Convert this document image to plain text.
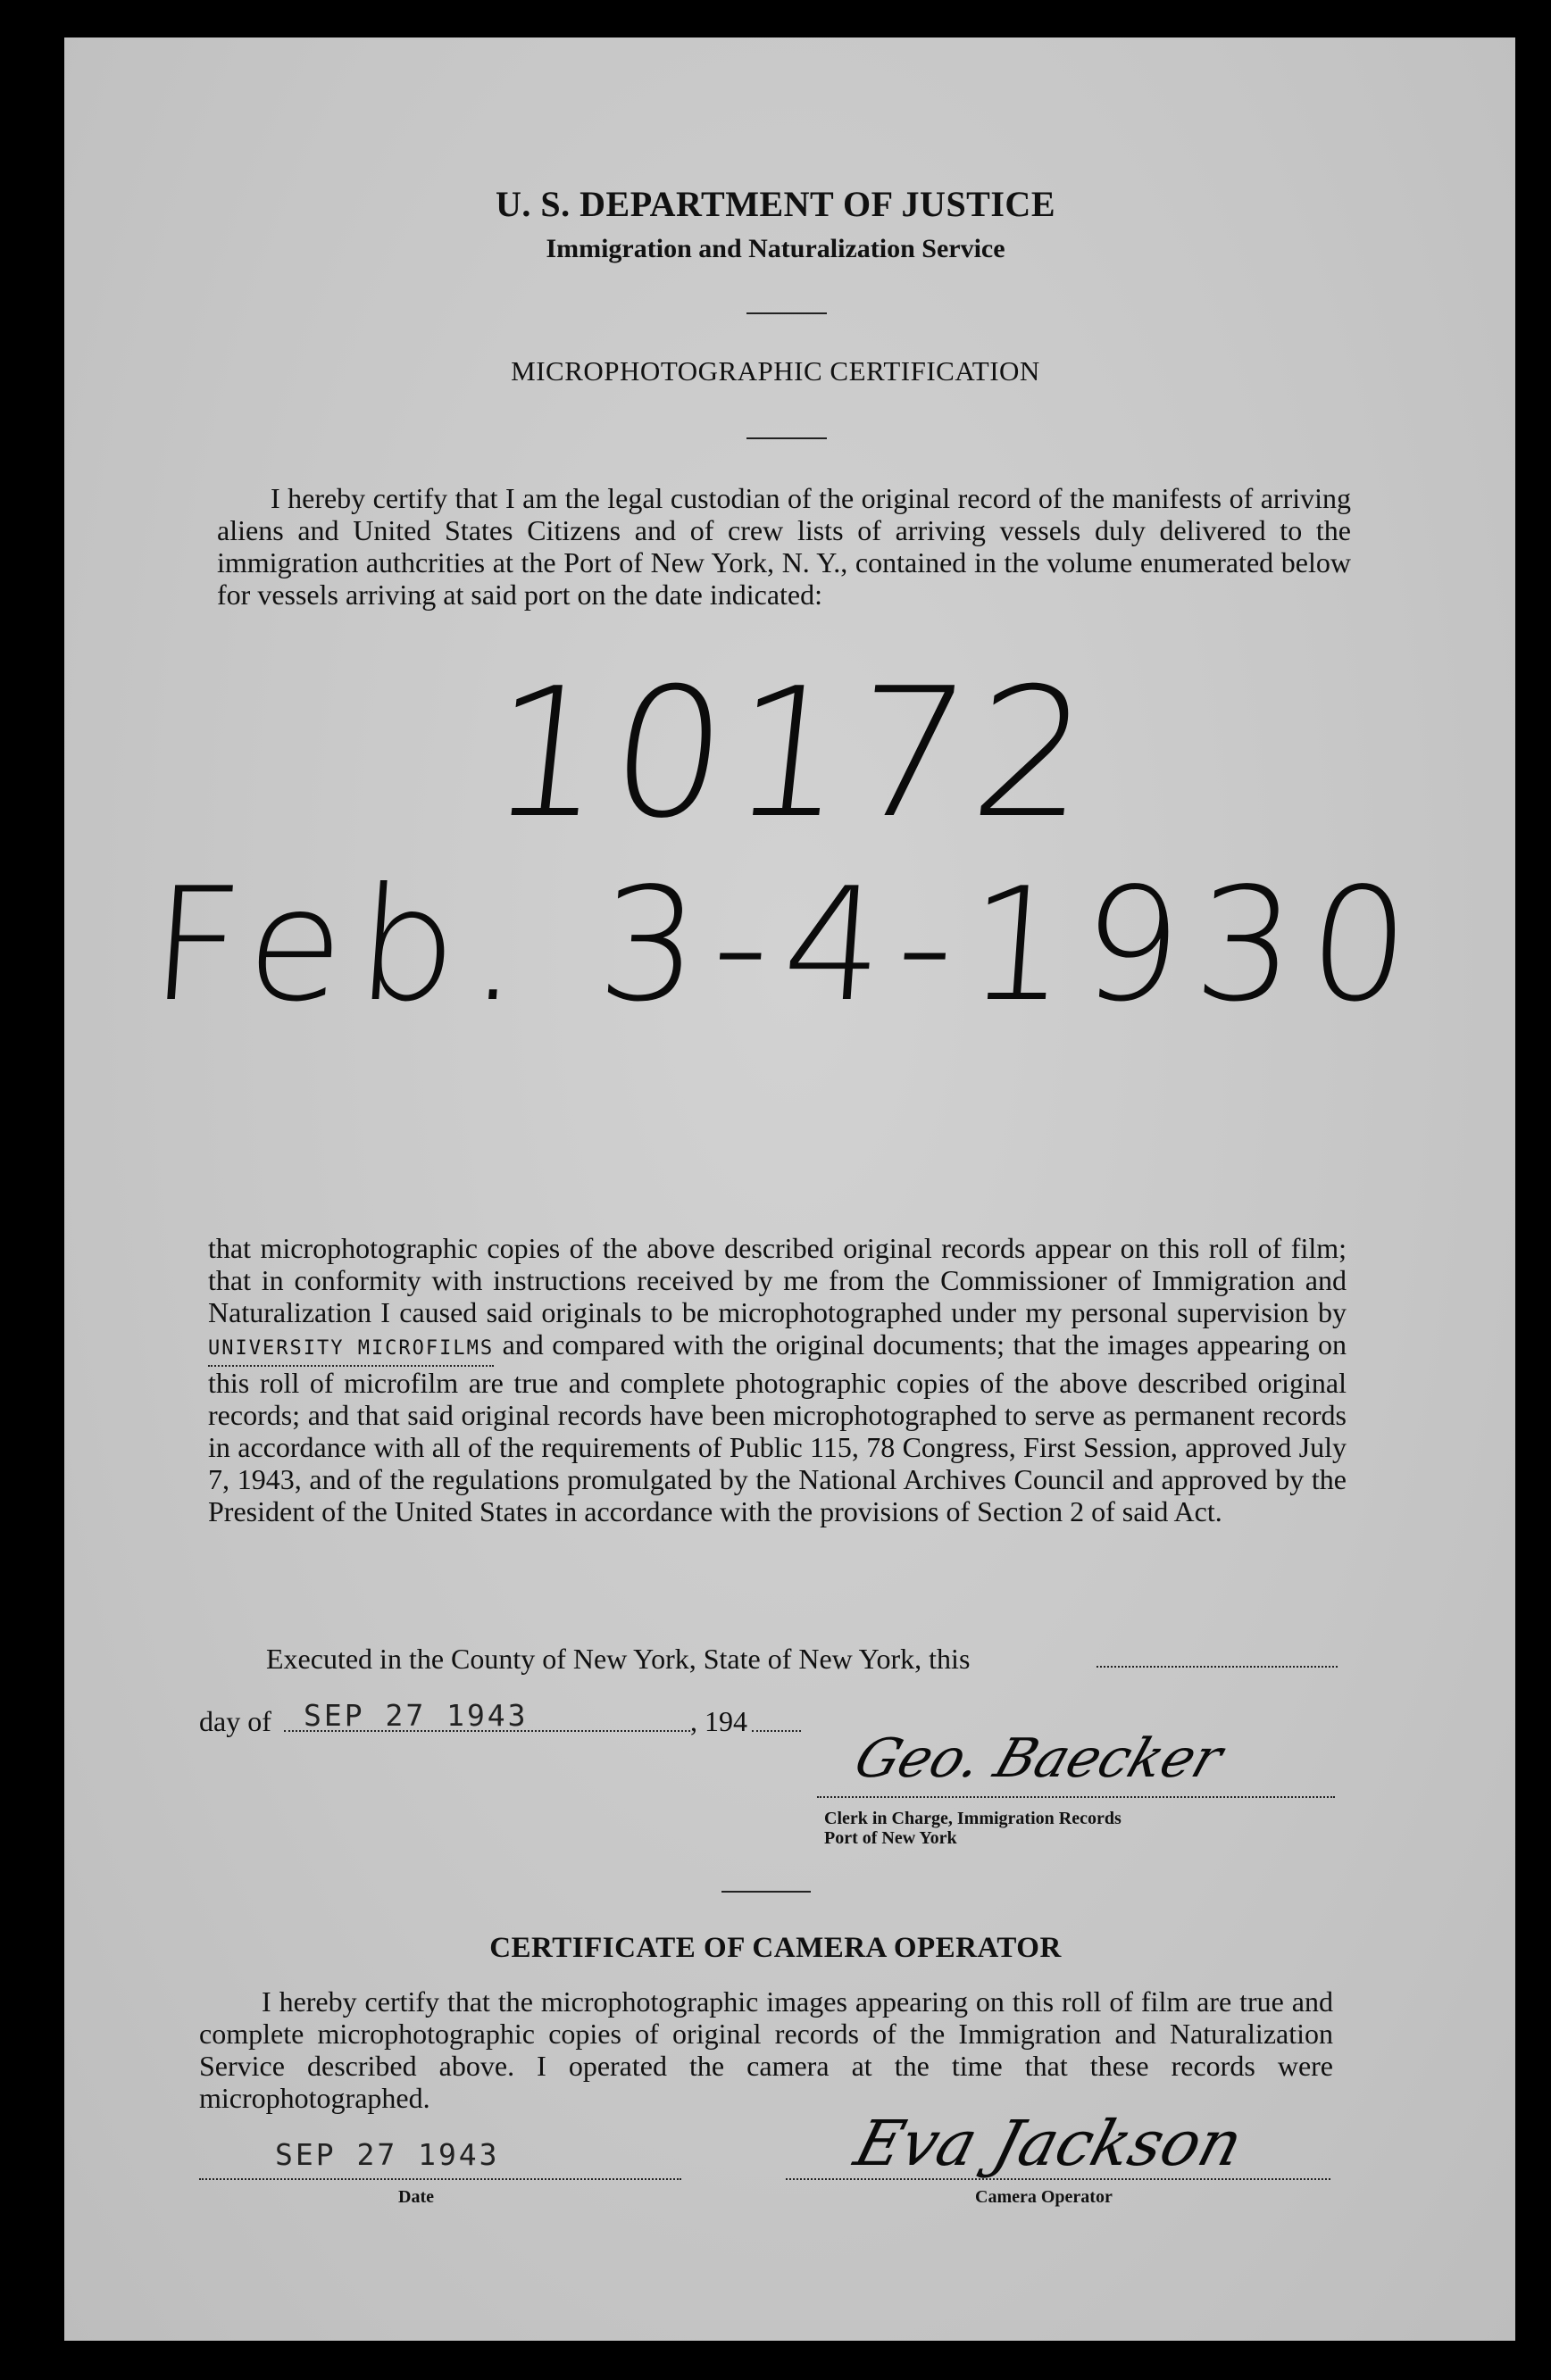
U. S. DEPARTMENT OF JUSTICE
Immigration and Naturalization Service
MICROPHOTOGRAPHIC CERTIFICATION
I hereby certify that I am the legal custodian of the original record of the manifests of arriving aliens and United States Citizens and of crew lists of arriving vessels duly delivered to the immigration authcrities at the Port of New York, N. Y., contained in the volume enumerated below for vessels arriving at said port on the date indicated:
10172
Feb. 3-4-1930

that microphotographic copies of the above described original records appear on this roll of film; that in conformity with instructions received by me from the Commissioner of Immigration and Naturalization I caused said originals to be microphotographed under my personal supervision byUNIVERSITY MICROFILMS and compared with the original documents; that the images appearing on this roll of microfilm are true and complete photographic copies of the above described original records; and that said original records have been microphotographed to serve as permanent records in accordance with all of the requirements of Public 115, 78 Congress, First Session, approved July 7, 1943, and of the regulations promulgated by the National Archives Council and approved by the President of the United States in accordance with the provisions of Section 2 of said Act.

Executed in the County of New York, State of New York, this
day of SEP 27 1943	, 194
Geo. Baecker
Clerk in Charge, Immigration Records
Port of New York
CERTIFICATE OF CAMERA OPERATOR
I hereby certify that the microphotographic images appearing on this roll of film are true and complete microphotographic copies of original records of the Immigration and Naturalization Service described above. I operated the camera at the time that these records were microphotographed.
SEP 27 1943
Date
Eva Jackson
Camera Operator
